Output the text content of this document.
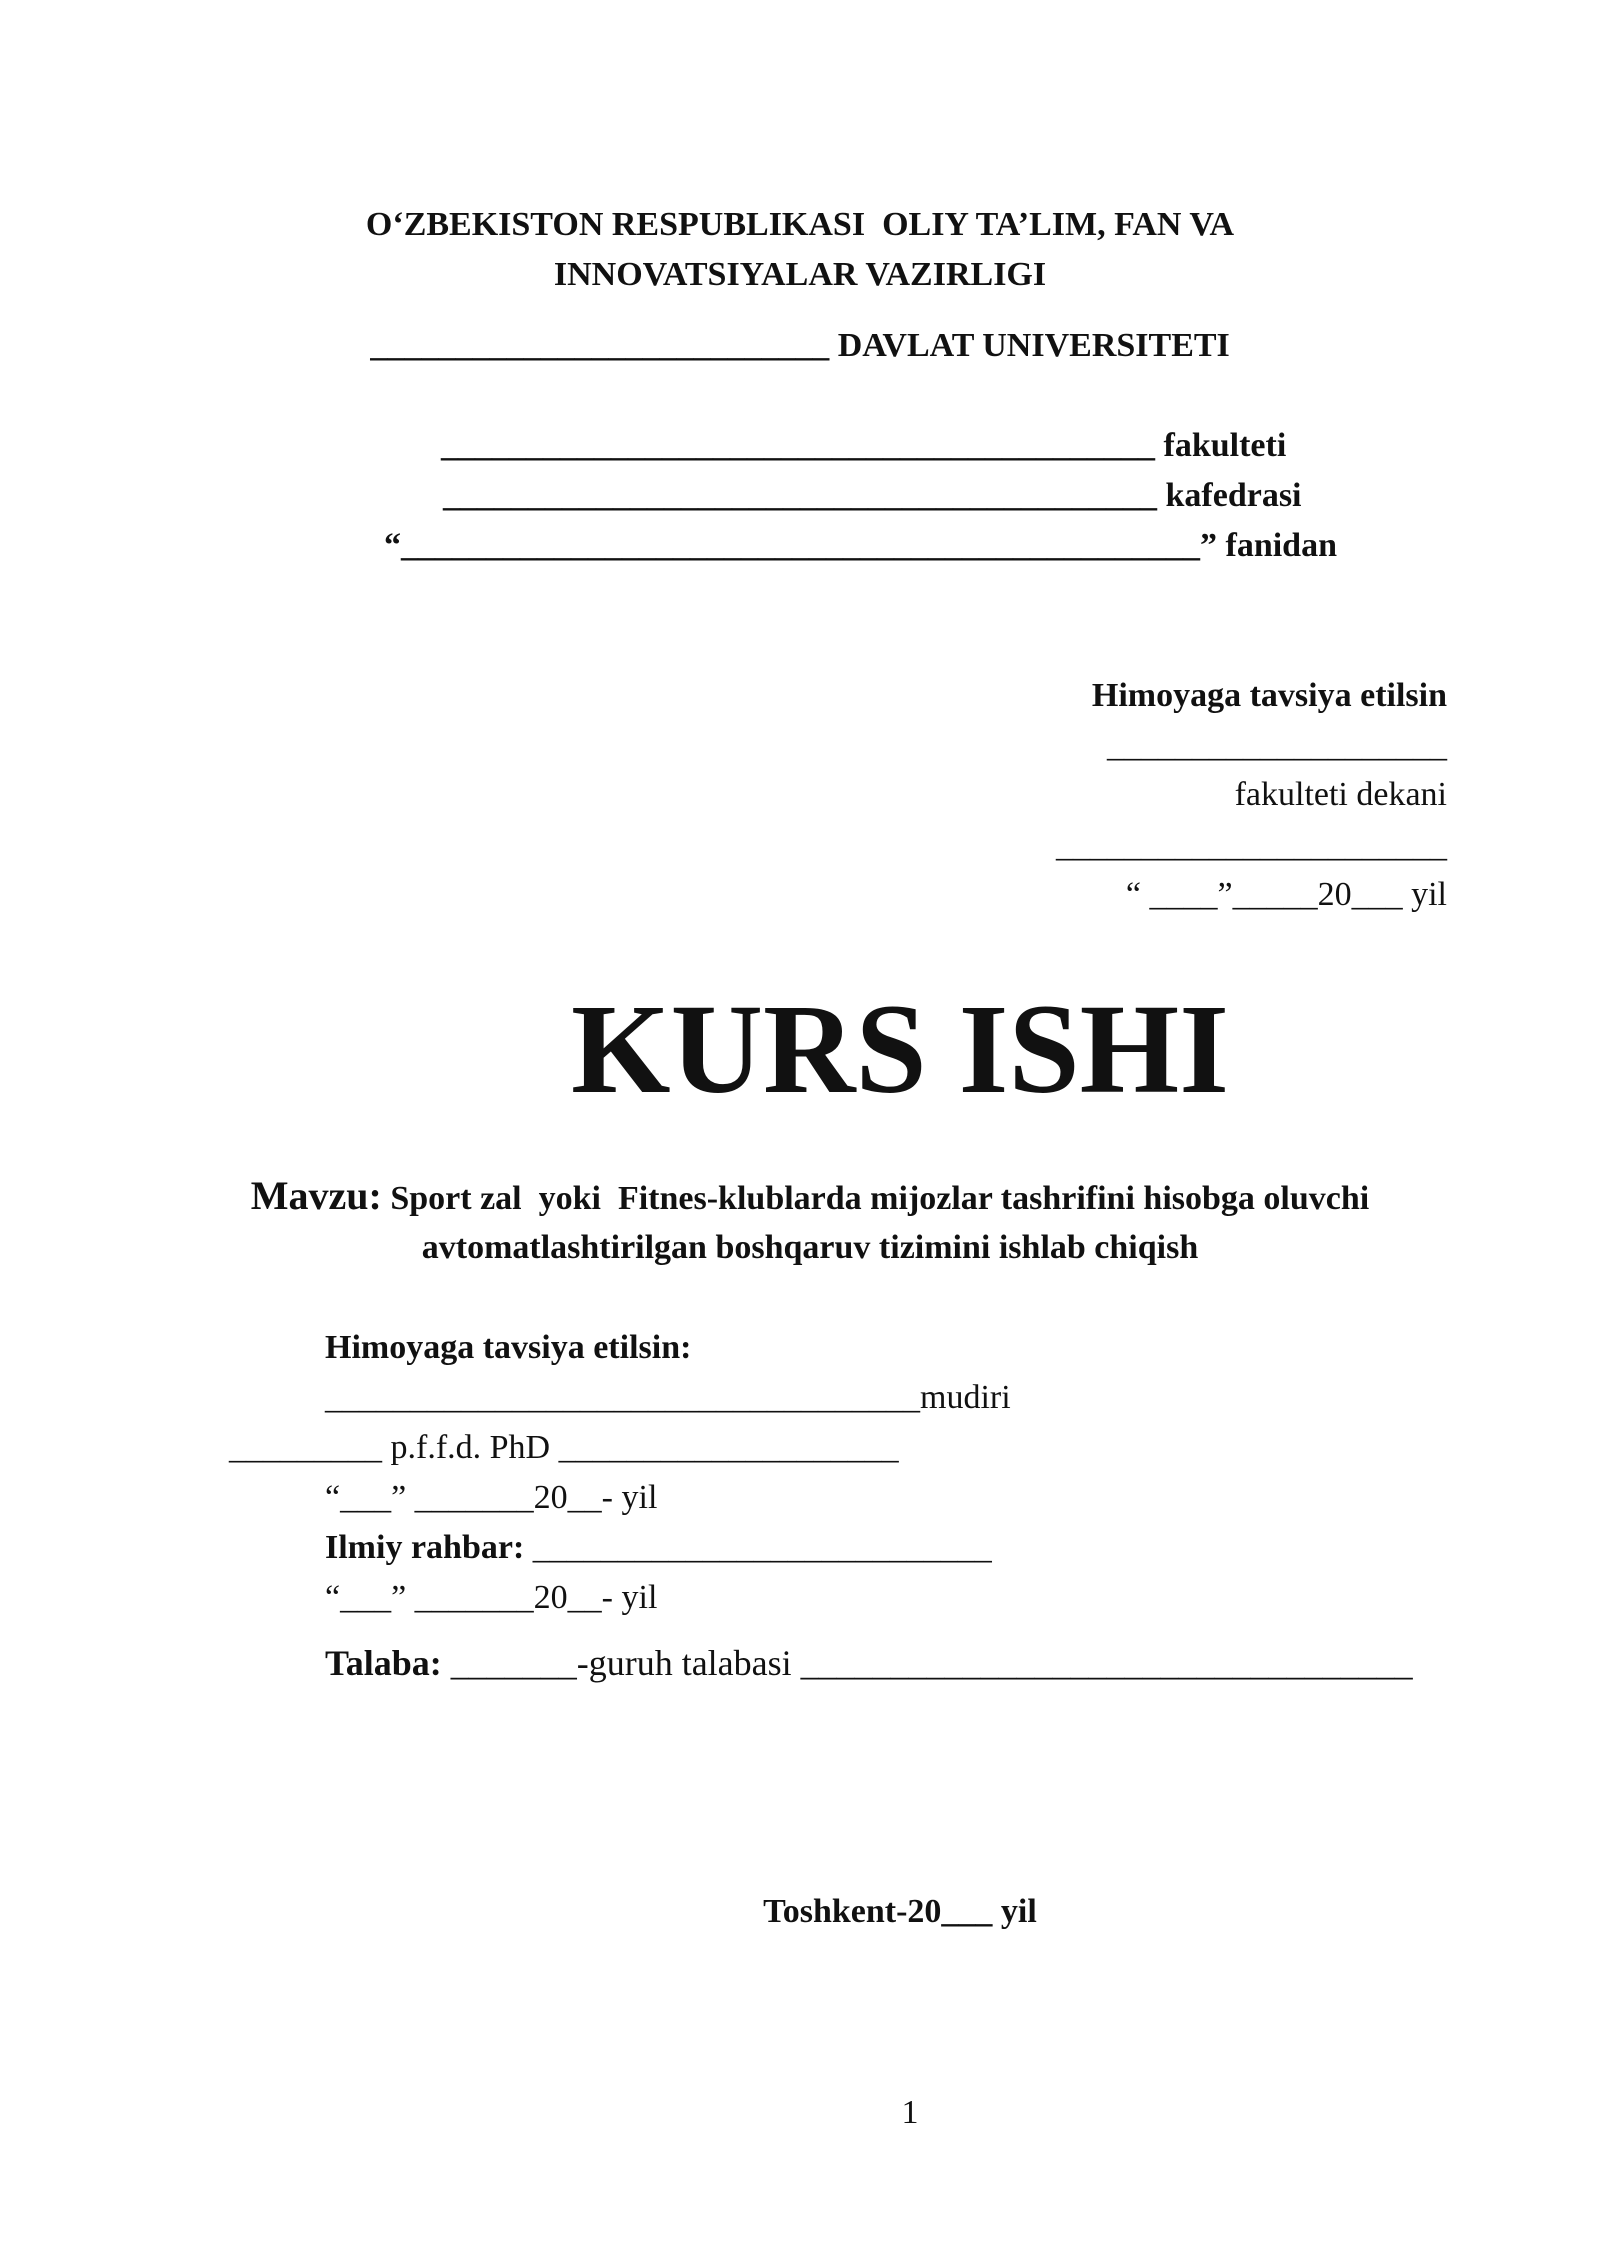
O‘ZBEKISTON RESPUBLIKASI  OLIY TA’LIM, FAN VA
INNOVATSIYALAR VAZIRLIGI
___________________________ DAVLAT UNIVERSITETI
__________________________________________ fakulteti
__________________________________________ kafedrasi
“_______________________________________________” fanidan
Himoyaga tavsiya etilsin
____________________
fakulteti dekani
_______________________
“ ____”_____20___ yil
KURS ISHI
Mavzu: Sport zal  yoki  Fitnes-klublarda mijozlar tashrifini hisobga oluvchi
avtomatlashtirilgan boshqaruv tizimini ishlab chiqish
Himoyaga tavsiya etilsin:
___________________________________mudiri
_________ p.f.f.d. PhD ____________________
“___” _______20__- yil
Ilmiy rahbar: ___________________________
“___” _______20__- yil
Talaba: _______-guruh talabasi __________________________________
Toshkent-20___ yil
1
